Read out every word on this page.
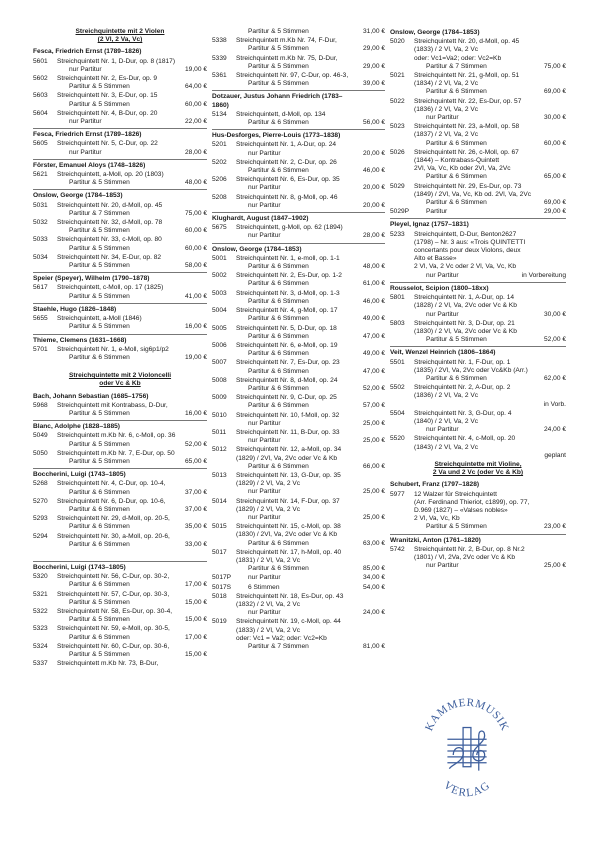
Streichquintette mit 2 Violen
(2 Vl, 2 Va, Vc)
Fesca, Friedrich Ernst (1789–1826)
5601	Streichquintett Nr. 1, D-Dur, op. 8 (1817)
nur Partitur	19,00 €
5602	Streichquintett Nr. 2, Es-Dur, op. 9
Partitur & 5 Stimmen	64,00 €
5603	Streichquintett Nr. 3, E-Dur, op. 15
Partitur & 5 Stimmen	60,00 €
5604	Streichquintett Nr. 4, B-Dur, op. 20
nur Partitur	22,00 €
Fesca, Friedrich Ernst (1789–1826)
5605	Streichquintett Nr. 5, C-Dur, op. 22
nur Partitur	28,00 €
Förster, Emanuel Aloys (1748–1826)
5621	Streichquintett, a-Moll, op. 20 (1803)
Partitur & 5 Stimmen	48,00 €
Onslow, George (1784–1853)
5031	Streichquintett Nr. 20, d-Moll, op. 45
Partitur & 7 Stimmen	75,00 €
5032	Streichquintett Nr. 32, d-Moll, op. 78
Partitur & 5 Stimmen	60,00 €
5033	Streichquintett Nr. 33, c-Moll, op. 80
Partitur & 5 Stimmen	60,00 €
5034	Streichquintett Nr. 34, E-Dur, op. 82
Partitur & 5 Stimmen	58,00 €
Speier (Speyer), Wilhelm (1790–1878)
5617	Streichquintett, c-Moll, op. 17 (1825)
Partitur & 5 Stimmen	41,00 €
Staehle, Hugo (1826–1848)
5655	Streichquintett, a-Moll (1846)
Partitur & 5 Stimmen	16,00 €
Thieme, Clemens (1631–1668)
5701	Streichquintett Nr. 1, e-Moll, sig6p1/p2
Partitur & 6 Stimmen	19,00 €
Streichquintette mit 2 Violoncelli
oder Vc & Kb
Bach, Johann Sebastian (1685–1756)
5968	Streichquintett mit Kontrabass, D-Dur,
Partitur & 5 Stimmen	16,00 €
Blanc, Adolphe (1828–1885)
5049	Streichquintett m.Kb Nr. 6, c-Moll, op. 36
Partitur & 5 Stimmen	52,00 €
5050	Streichquintett m.Kb Nr. 7, E-Dur, op. 50
Partitur & 5 Stimmen	65,00 €
Boccherini, Luigi (1743–1805)
5268	Streichquintett Nr. 4, C-Dur, op. 10-4,
Partitur & 6 Stimmen	37,00 €
5270	Streichquintett Nr. 6, D-Dur, op. 10-6,
Partitur & 6 Stimmen	37,00 €
5293	Streichquintett Nr. 29, d-Moll, op. 20-5,
Partitur & 6 Stimmen	35,00 €
5294	Streichquintett Nr. 30, a-Moll, op. 20-6,
Partitur & 6 Stimmen	33,00 €
Boccherini, Luigi (1743–1805)
5320	Streichquintett Nr. 56, C-Dur, op. 30-2,
Partitur & 6 Stimmen	17,00 €
5321	Streichquintett Nr. 57, C-Dur, op. 30-3,
Partitur & 5 Stimmen	15,00 €
5322	Streichquintett Nr. 58, Es-Dur, op. 30-4,
Partitur & 5 Stimmen	15,00 €
5323	Streichquintett Nr. 59, e-Moll, op. 30-5,
Partitur & 6 Stimmen	17,00 €
5324	Streichquintett Nr. 60, C-Dur, op. 30-6,
Partitur & 5 Stimmen	15,00 €
5337	Streichquintett m.Kb Nr. 73, B-Dur,
Partitur & 5 Stimmen	31,00 €
5338	Streichquintett m.Kb Nr. 74, F-Dur,
Partitur & 5 Stimmen	29,00 €
5339	Streichquintett m.Kb Nr. 75, D-Dur,
Partitur & 5 Stimmen	29,00 €
5361	Streichquintett Nr. 97, C-Dur, op. 46-3,
Partitur & 5 Stimmen	39,00 €
Dotzauer, Justus Johann Friedrich (1783–
1860)
5134	Streichquintett, d-Moll, op. 134
Partitur & 6 Stimmen	56,00 €
Hus-Desforges, Pierre-Louis (1773–1838)
5201	Streichquintett Nr. 1, A-Dur, op. 24
nur Partitur	20,00 €
5202	Streichquintett Nr. 2, C-Dur, op. 26
Partitur & 6 Stimmen	46,00 €
5206	Streichquintett Nr. 6, Es-Dur, op. 35
nur Partitur	20,00 €
5208	Streichquintett Nr. 8, g-Moll, op. 46
nur Partitur	20,00 €
Klughardt, August (1847–1902)
5675	Streichquintett, g-Moll, op. 62 (1894)
nur Partitur	28,00 €
Onslow, George (1784–1853)
5001	Streichquintett Nr. 1, e-moll, op. 1-1
Partitur & 6 Stimmen	48,00 €
5002	Streichquintett Nr. 2, Es-Dur, op. 1-2
Partitur & 6 Stimmen	61,00 €
5003	Streichquintett Nr. 3, d-Moll, op. 1-3
Partitur & 6 Stimmen	46,00 €
5004	Streichquintett Nr. 4, g-Moll, op. 17
Partitur & 6 Stimmen	49,00 €
5005	Streichquintett Nr. 5, D-Dur, op. 18
Partitur & 6 Stimmen	47,00 €
5006	Streichquintett Nr. 6, e-Moll, op. 19
Partitur & 6 Stimmen	49,00 €
5007	Streichquintett Nr. 7, Es-Dur, op. 23
Partitur & 6 Stimmen	47,00 €
5008	Streichquintett Nr. 8, d-Moll, op. 24
Partitur & 6 Stimmen	52,00 €
5009	Streichquintett Nr. 9, C-Dur, op. 25
Partitur & 6 Stimmen	57,00 €
5010	Streichquintett Nr. 10, f-Moll, op. 32
nur Partitur	25,00 €
5011	Streichquintett Nr. 11, B-Dur, op. 33
nur Partitur	25,00 €
5012	Streichquintett Nr. 12, a-Moll, op. 34
(1829) / 2Vl, Va, 2Vc oder Vc & Kb
Partitur & 6 Stimmen	66,00 €
5013	Streichquintett Nr. 13, G-Dur, op. 35
(1829) / 2 Vl, Va, 2 Vc
nur Partitur	25,00 €
5014	Streichquintett Nr. 14, F-Dur, op. 37
(1829) / 2 Vl, Va, 2 Vc
nur Partitur	25,00 €
5015	Streichquintett Nr. 15, c-Moll, op. 38
(1830) / 2Vl, Va, 2Vc oder Vc & Kb
Partitur & 6 Stimmen	63,00 €
5017	Streichquintett Nr. 17, h-Moll, op. 40
(1831) / 2 Vl, Va, 2 Vc
Partitur & 6 Stimmen	85,00 €
5017P	nur Partitur	34,00 €
5017S	6 Stimmen	54,00 €
5018	Streichquintett Nr. 18, Es-Dur, op. 43
(1832) / 2 Vl, Va, 2 Vc
nur Partitur	24,00 €
5019	Streichquintett Nr. 19, c-Moll, op. 44
(1833) / 2 Vl, Va, 2 Vc
oder: Vc1 = Va2; oder: Vc2=Kb
Partitur & 7 Stimmen	81,00 €
Onslow, George (1784–1853)
5020	Streichquintett Nr. 20, d-Moll, op. 45
(1833) / 2 Vl, Va, 2 Vc
oder: Vc1=Va2; oder: Vc2=Kb
Partitur & 7 Stimmen	75,00 €
5021	Streichquintett Nr. 21, g-Moll, op. 51
(1834) / 2 Vl, Va, 2 Vc
Partitur & 6 Stimmen	69,00 €
5022	Streichquintett Nr. 22, Es-Dur, op. 57
(1836) / 2 Vl, Va, 2 Vc
nur Partitur	30,00 €
5023	Streichquintett Nr. 23, a-Moll, op. 58
(1837) / 2 Vl, Va, 2 Vc
Partitur & 6 Stimmen	60,00 €
5026	Streichquintett Nr. 26, c-Moll, op. 67
(1844) – Kontrabass-Quintett
2Vl, Va, Vc, Kb oder 2Vl, Va, 2Vc
Partitur & 6 Stimmen	65,00 €
5029	Streichquintett Nr. 29, Es-Dur, op. 73
(1849) / 2Vl, Va, Vc, Kb od. 2Vl, Va, 2Vc
Partitur & 6 Stimmen	69,00 €
5029P	Partitur	29,00 €
Pleyel, Ignaz (1757–1831)
5233	Streichquintett, D-Dur, Benton2627
(1798) – Nr. 3 aus: «Trois QUINTETTI
concertants pour deux Violons, deux
Alto et Basse»
2 Vl, Va, 2 Vc oder 2 Vl, Va, Vc, Kb
nur Partitur	in Vorbereitung
Rousselot, Scipion (1800–18xx)
5801	Streichquintett Nr. 1, A-Dur, op. 14
(1828) / 2 Vl, Va, 2Vc oder Vc & Kb
nur Partitur	30,00 €
5803	Streichquintett Nr. 3, D-Dur, op. 21
(1830) / 2 Vl, Va, 2Vc oder Vc & Kb
Partitur & 5 Stimmen	52,00 €
Veit, Wenzel Heinrich (1806–1864)
5501	Streichquintett Nr. 1, F-Dur, op. 1
(1835) / 2Vl, Va, 2Vc oder Vc&Kb (Arr.)
Partitur & 6 Stimmen	62,00 €
5502	Streichquintett Nr. 2, A-Dur, op. 2
(1836) / 2 Vl, Va, 2 Vc
in Vorb.
5504	Streichquintett Nr. 3, G-Dur, op. 4
(1840) / 2 Vl, Va, 2 Vc
nur Partitur	24,00 €
5520	Streichquintett Nr. 4, c-Moll, op. 20
(1843) / 2 Vl, Va, 2 Vc
geplant
Streichquintette mit Violine,
2 Va und 2 Vc (oder Vc & Kb)
Schubert, Franz (1797–1828)
5977	12 Walzer für Streichquintett
(Arr. Ferdinand Thieriot, c1899), op. 77,
D.969 (1827) – «Valses nobles»
2 Vl, Va, Vc, Kb
Partitur & 5 Stimmen	23,00 €
Wranitzki, Anton (1761–1820)
5742	Streichquintett Nr. 2, B-Dur, op. 8 Nr.2
(1801) / Vl, 2Va, 2Vc oder Vc & Kb
nur Partitur	25,00 €
KAMMERMUSIK
VERLAG
